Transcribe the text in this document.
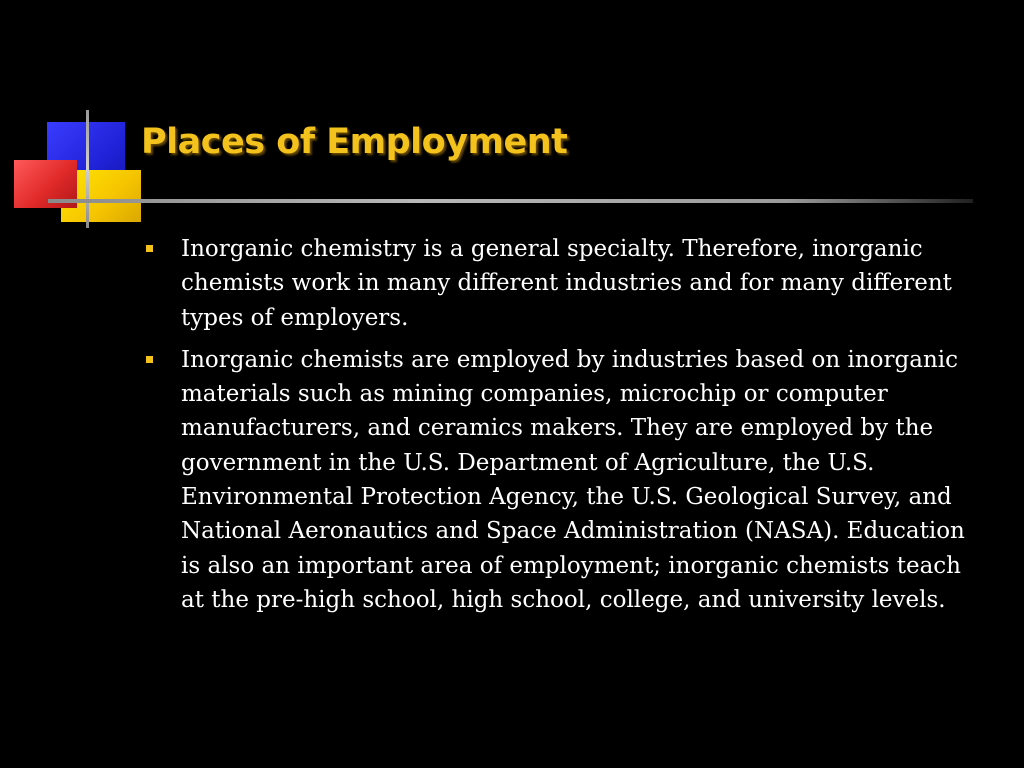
Places of Employment
Inorganic chemistry is a general specialty. Therefore, inorganic chemists work in many different industries and for many different types of employers.
Inorganic chemists are employed by industries based on inorganic materials such as mining companies, microchip or computer manufacturers, and ceramics makers. They are employed by the government in the U.S. Department of Agriculture, the U.S. Environmental Protection Agency, the U.S. Geological Survey, and National Aeronautics and Space Administration (NASA). Education is also an important area of employment; inorganic chemists teach at the pre-high school, high school, college, and university levels.
